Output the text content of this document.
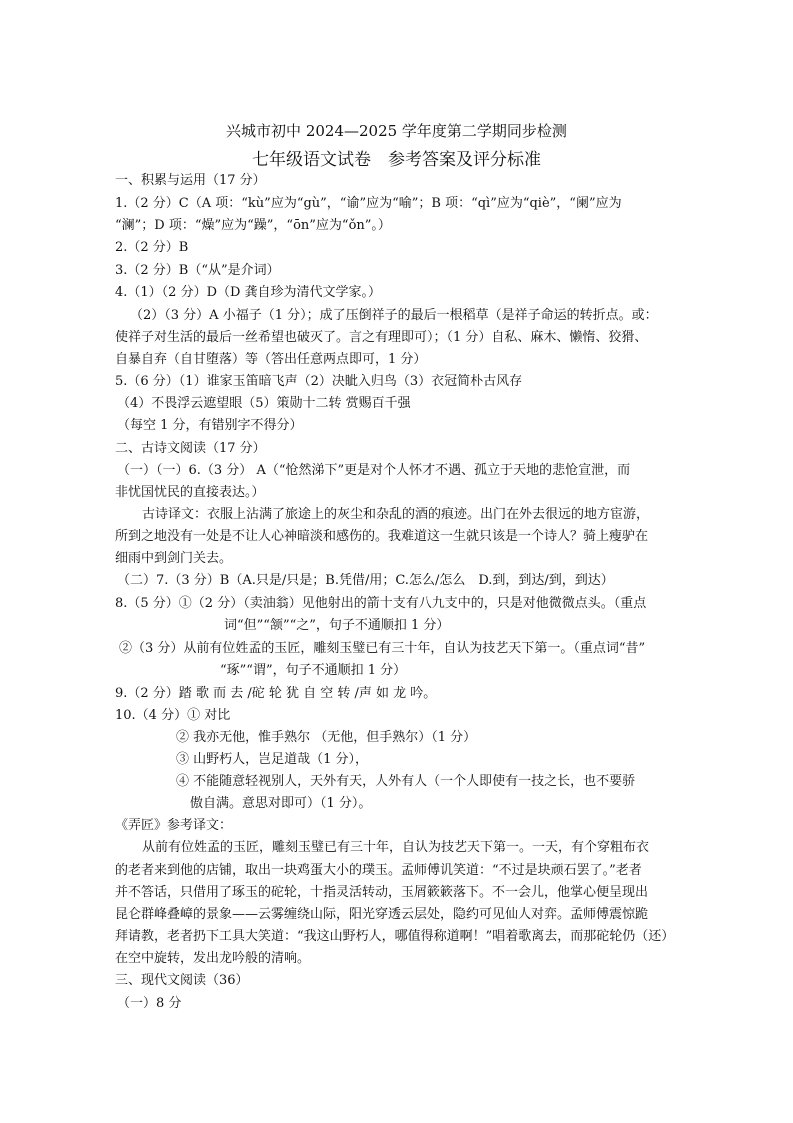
兴城市初中 2024—2025 学年度第二学期同步检测
七年级语文试卷　参考答案及评分标准
一、积累与运用（17 分）
1.（2 分）C（A 项：“kù”应为“gù”，“谕”应为“喻”；B 项：“qì”应为“qiè”，“阑”应为
“澜”；D 项：“燥”应为“躁”，“ōn”应为“ǒn”。）
2.（2 分）B
3.（2 分）B（“从”是介词）
4.（1）（2 分）D（D 龚自珍为清代文学家。）
（2）（3 分）A 小福子（1 分）；成了压倒祥子的最后一根稻草（是祥子命运的转折点。或：
使祥子对生活的最后一丝希望也破灭了。言之有理即可）；（1 分）自私、麻木、懒惰、狡猾、
自暴自弃（自甘堕落）等（答出任意两点即可，1 分）
5.（6 分）（1）谁家玉笛暗飞声（2）决眦入归鸟（3）衣冠简朴古风存
（4）不畏浮云遮望眼（5）策勋十二转 赏赐百千强
（每空 1 分，有错别字不得分）
二、古诗文阅读（17 分）
（一）（一）6.（3 分） A（“怆然涕下”更是对个人怀才不遇、孤立于天地的悲怆宣泄，而
非忧国忧民的直接表达。）
古诗译文：衣服上沾满了旅途上的灰尘和杂乱的酒的痕迹。出门在外去很远的地方宦游，
所到之地没有一处是不让人心神暗淡和感伤的。我难道这一生就只该是一个诗人？骑上瘦驴在
细雨中到剑门关去。
（二）7.（3 分）B（A.只是/只是；B.凭借/用；C.怎么/怎么　D.到，到达/到，到达）
8.（5 分）①（2 分）（卖油翁）见他射出的箭十支有八九支中的，只是对他微微点头。（重点
词“但”“颔”“之”，句子不通顺扣 1 分）
②（3 分）从前有位姓孟的玉匠，雕刻玉璧已有三十年，自认为技艺天下第一。（重点词“昔”
“琢”“谓”，句子不通顺扣 1 分）
9.（2 分）踏 歌 而 去 /砣 轮 犹 自 空 转 /声 如 龙 吟。
10.（4 分）① 对比
② 我亦无他，惟手熟尔 （无他，但手熟尔）（1 分）
③ 山野朽人，岂足道哉（1 分），
④ 不能随意轻视别人，天外有天，人外有人（一个人即使有一技之长，也不要骄
傲自满。意思对即可）（1 分）。
《弄匠》参考译文：
从前有位姓孟的玉匠，雕刻玉璧已有三十年，自认为技艺天下第一。一天，有个穿粗布衣
的老者来到他的店铺，取出一块鸡蛋大小的璞玉。孟师傅讥笑道：“不过是块顽石罢了。”老者
并不答话，只借用了琢玉的砣轮，十指灵活转动，玉屑簌簌落下。不一会儿，他掌心便呈现出
昆仑群峰叠嶂的景象——云雾缠绕山际，阳光穿透云层处，隐约可见仙人对弈。孟师傅震惊跪
拜请教，老者扔下工具大笑道：“我这山野朽人，哪值得称道啊！”唱着歌离去，而那砣轮仍（还）
在空中旋转，发出龙吟般的清响。
三、现代文阅读（36）
（一）8 分
